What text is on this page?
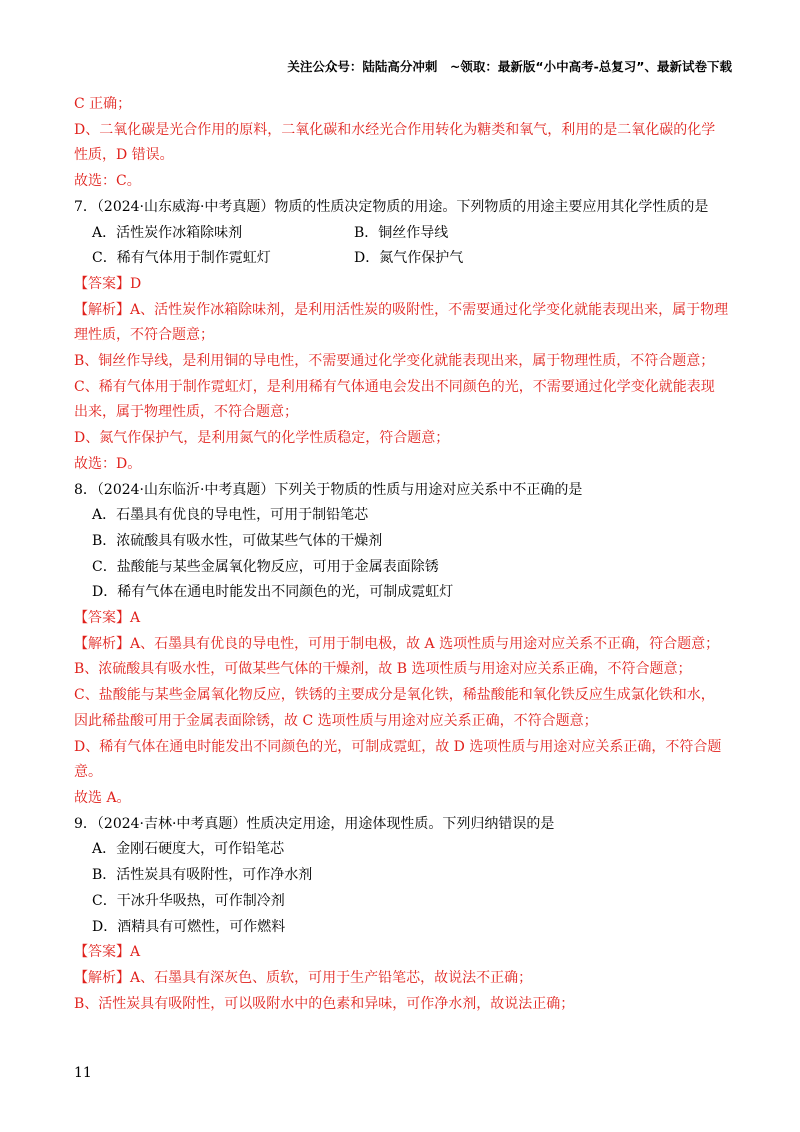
关注公众号：陆陆高分冲刺　~领取：最新版“小中高考-总复习”、最新试卷下载
C 正确；
D、二氧化碳是光合作用的原料，二氧化碳和水经光合作用转化为糖类和氧气，利用的是二氧化碳的化学
性质，D 错误。
故选：C。
7．（2024·山东威海·中考真题）物质的性质决定物质的用途。下列物质的用途主要应用其化学性质的是
A．活性炭作冰箱除味剂	B．铜丝作导线
C．稀有气体用于制作霓虹灯	D．氮气作保护气
【答案】D
【解析】A、活性炭作冰箱除味剂，是利用活性炭的吸附性，不需要通过化学变化就能表现出来，属于物理
理性质，不符合题意；
B、铜丝作导线，是利用铜的导电性，不需要通过化学变化就能表现出来，属于物理性质，不符合题意；
C、稀有气体用于制作霓虹灯，是利用稀有气体通电会发出不同颜色的光，不需要通过化学变化就能表现
出来，属于物理性质，不符合题意；
D、氮气作保护气，是利用氮气的化学性质稳定，符合题意；
故选：D。
8．（2024·山东临沂·中考真题）下列关于物质的性质与用途对应关系中不正确的是
A．石墨具有优良的导电性，可用于制铅笔芯
B．浓硫酸具有吸水性，可做某些气体的干燥剂
C．盐酸能与某些金属氧化物反应，可用于金属表面除锈
D．稀有气体在通电时能发出不同颜色的光，可制成霓虹灯
【答案】A
【解析】A、石墨具有优良的导电性，可用于制电极，故 A 选项性质与用途对应关系不正确，符合题意；
B、浓硫酸具有吸水性，可做某些气体的干燥剂，故 B 选项性质与用途对应关系正确，不符合题意；
C、盐酸能与某些金属氧化物反应，铁锈的主要成分是氧化铁，稀盐酸能和氧化铁反应生成氯化铁和水，
因此稀盐酸可用于金属表面除锈，故 C 选项性质与用途对应关系正确，不符合题意；
D、稀有气体在通电时能发出不同颜色的光，可制成霓虹，故 D 选项性质与用途对应关系正确，不符合题
意。
故选 A。
9．（2024·吉林·中考真题）性质决定用途，用途体现性质。下列归纳错误的是
A．金刚石硬度大，可作铅笔芯
B．活性炭具有吸附性，可作净水剂
C．干冰升华吸热，可作制冷剂
D．酒精具有可燃性，可作燃料
【答案】A
【解析】A、石墨具有深灰色、质软，可用于生产铅笔芯，故说法不正确；
B、活性炭具有吸附性，可以吸附水中的色素和异味，可作净水剂，故说法正确；
11
